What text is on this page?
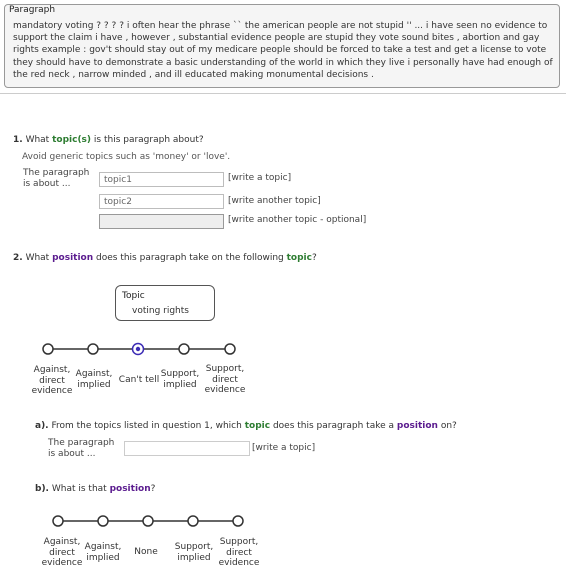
Paragraph
mandatory voting ? ? ? ? i often hear the phrase `` the american people are not stupid '' ... i have seen no evidence to support the claim i have , however , substantial evidence people are stupid they vote sound bites , abortion and gay rights example : gov't should stay out of my medicare people should be forced to take a test and get a license to vote they should have to demonstrate a basic understanding of the world in which they live i personally have had enough of the red neck , narrow minded , and ill educated making monumental decisions .
1. What topic(s) is this paragraph about?
Avoid generic topics such as 'money' or 'love'.
The paragraph
is about ...
topic1
[write a topic]
topic2
[write another topic]
[write another topic - optional]
2. What position does this paragraph take on the following topic?
Topic
voting rights
Against,
direct
evidence
Against,
implied Can't tell
Support,
implied
Support,
direct
evidence
a). From the topics listed in question 1, which topic does this paragraph take a position on?
The paragraph
is about ...
[write a topic]
b). What is that position?
Against,
direct
evidence
Against,
implied
None Support,
implied
Support,
direct
evidence
